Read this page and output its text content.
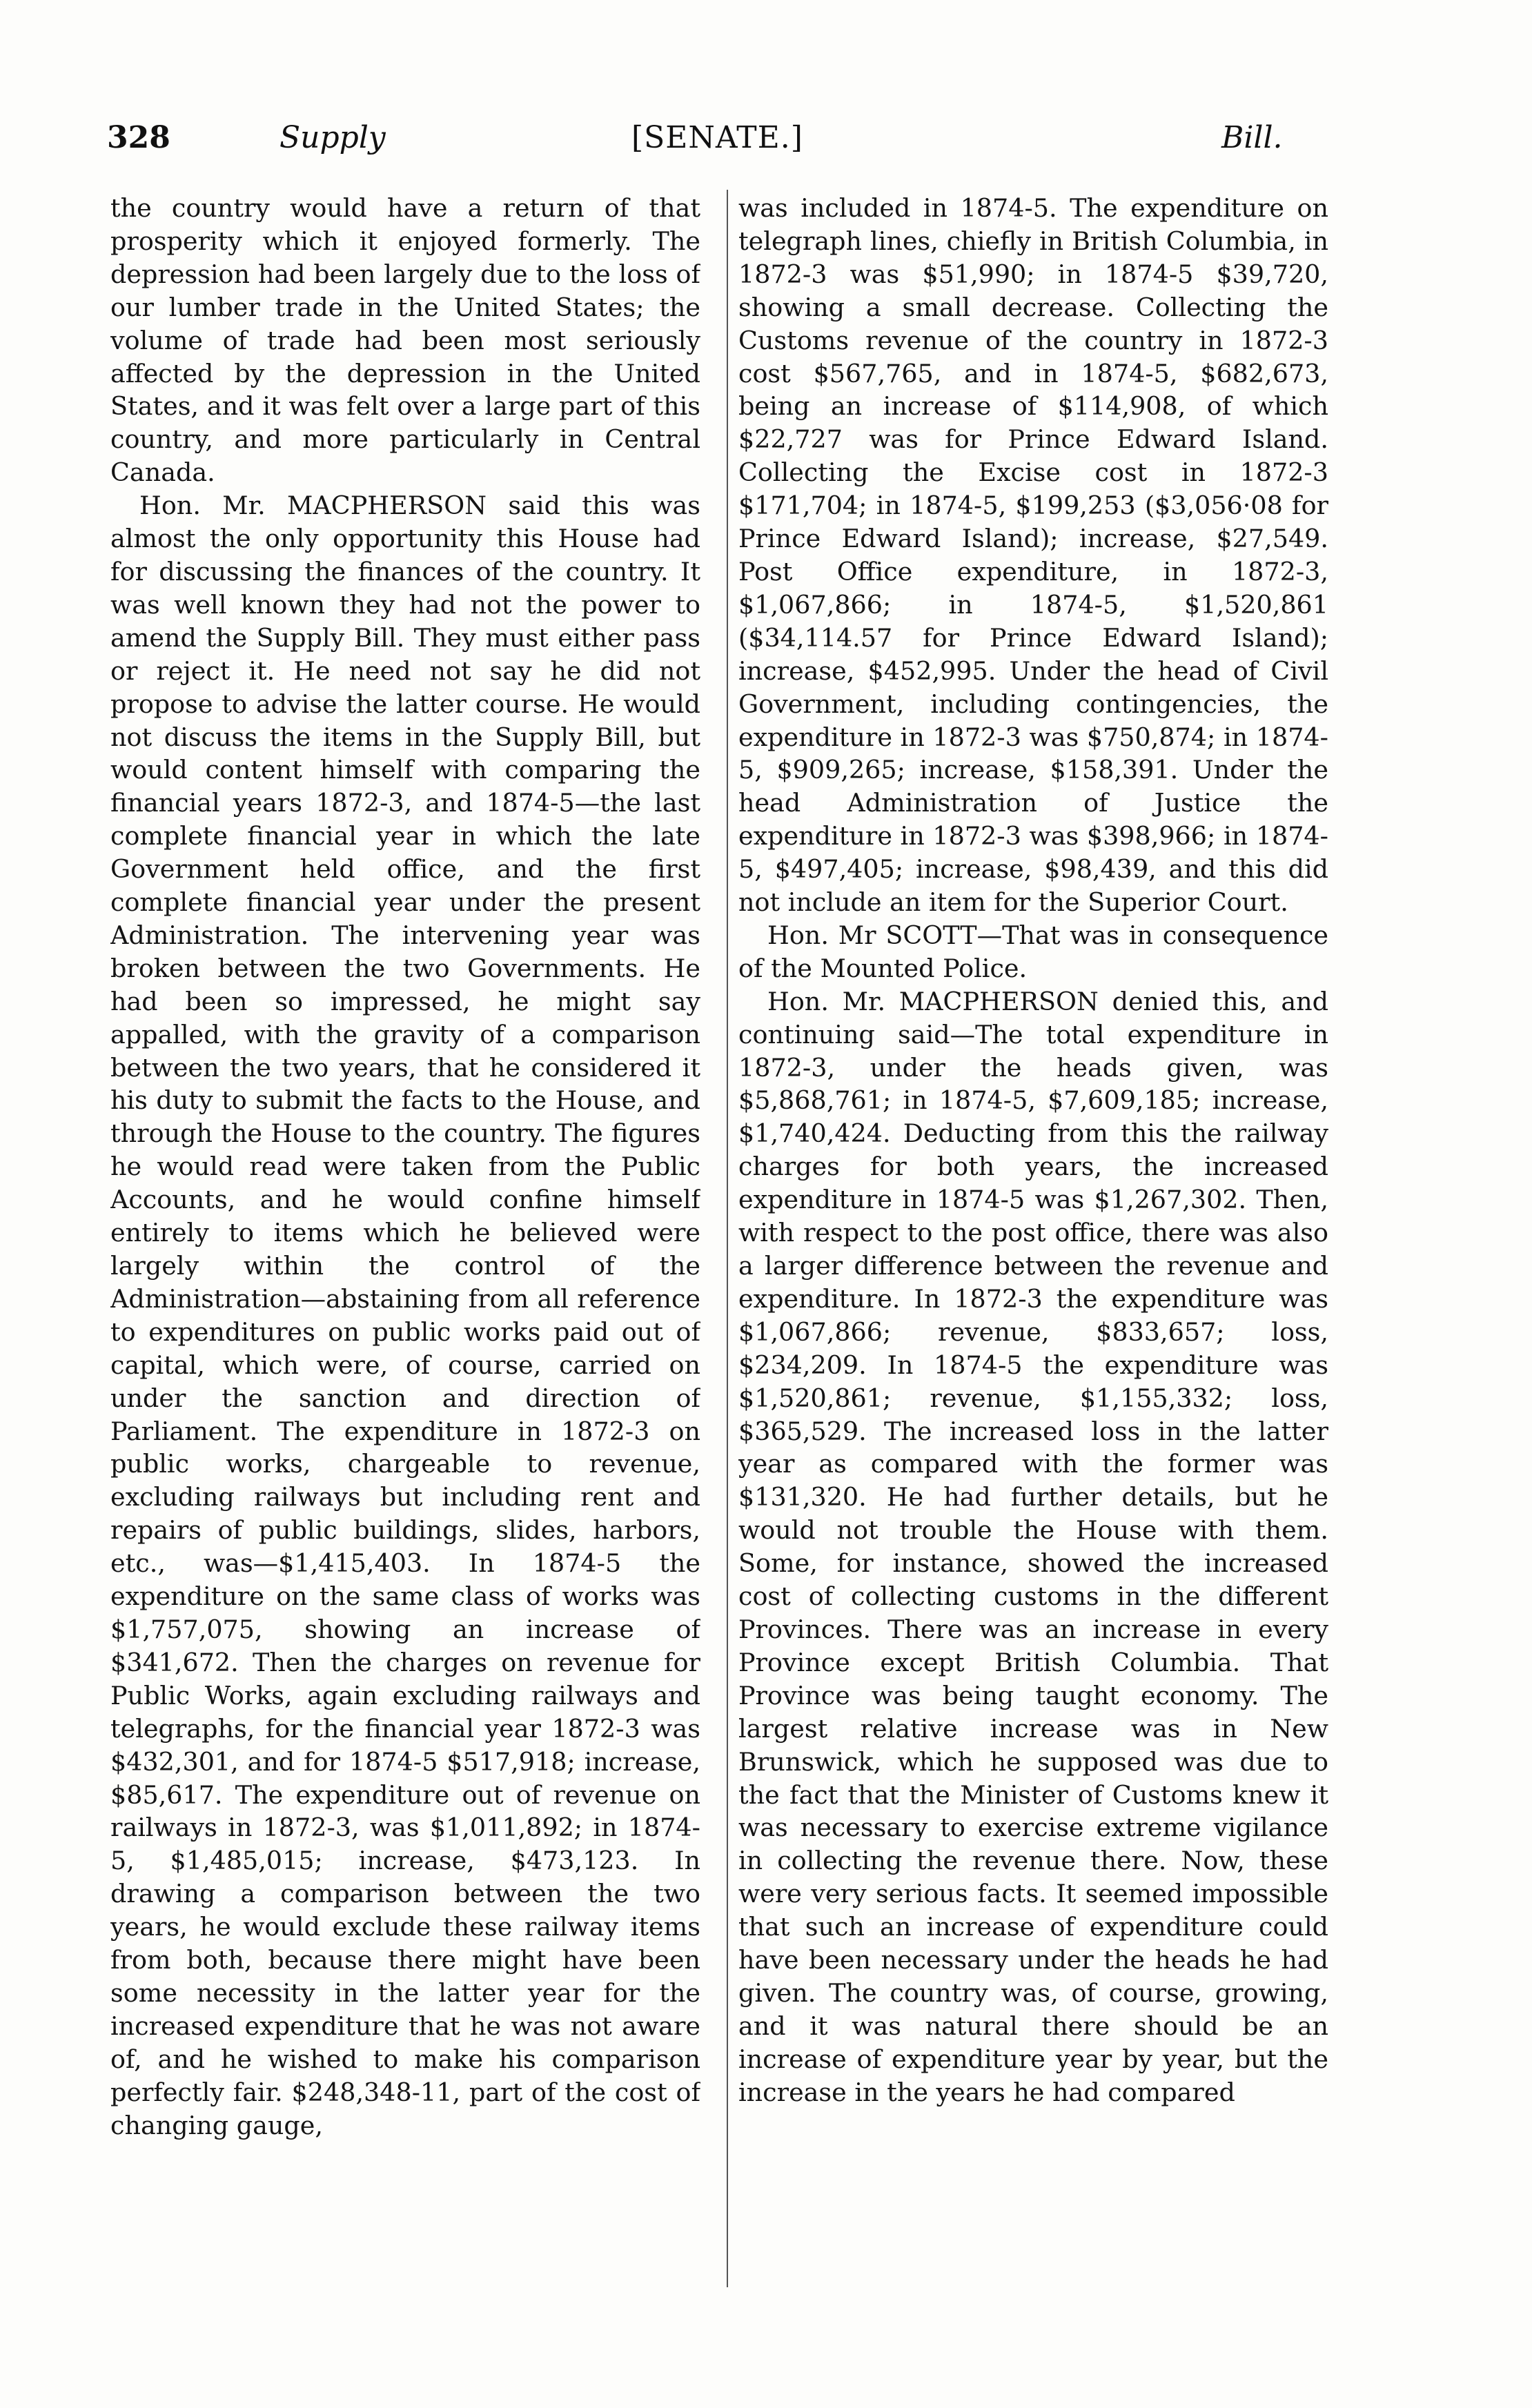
328	Supply	[SENATE.]	Bill.

the country would have a return of that prosperity which it enjoyed formerly. The depression had been largely due to the loss of our lumber trade in the United States; the volume of trade had been most seriously affected by the depression in the United States, and it was felt over a large part of this country, and more particularly in Central Canada.

Hon. Mr. MACPHERSON said this was almost the only opportunity this House had for discussing the finances of the country. It was well known they had not the power to amend the Supply Bill. They must either pass or reject it. He need not say he did not propose to advise the latter course. He would not discuss the items in the Supply Bill, but would content himself with comparing the financial years 1872-3, and 1874-5—the last complete financial year in which the late Government held office, and the first complete financial year under the present Administration. The intervening year was broken between the two Governments. He had been so impressed, he might say appalled, with the gravity of a comparison between the two years, that he considered it his duty to submit the facts to the House, and through the House to the country. The figures he would read were taken from the Public Accounts, and he would confine himself entirely to items which he believed were largely within the control of the Administration—abstaining from all reference to expenditures on public works paid out of capital, which were, of course, carried on under the sanction and direction of Parliament. The expenditure in 1872-3 on public works, chargeable to revenue, excluding railways but including rent and repairs of public buildings, slides, harbors, etc., was—$1,415,403. In 1874-5 the expenditure on the same class of works was $1,757,075, showing an increase of $341,672. Then the charges on revenue for Public Works, again excluding railways and telegraphs, for the financial year 1872-3 was $432,301, and for 1874-5 $517,918; increase, $85,617. The expenditure out of revenue on railways in 1872-3, was $1,011,892; in 1874-5, $1,485,015; increase, $473,123. In drawing a comparison between the two years, he would exclude these railway items from both, because there might have been some necessity in the latter year for the increased expenditure that he was not aware of, and he wished to make his comparison perfectly fair. $248,348-11, part of the cost of changing gauge,

was included in 1874-5. The expenditure on telegraph lines, chiefly in British Columbia, in 1872-3 was $51,990; in 1874-5 $39,720, showing a small decrease. Collecting the Customs revenue of the country in 1872-3 cost $567,765, and in 1874-5, $682,673, being an increase of $114,908, of which $22,727 was for Prince Edward Island. Collecting the Excise cost in 1872-3 $171,704; in 1874-5, $199,253 ($3,056·08 for Prince Edward Island); increase, $27,549. Post Office expenditure, in 1872-3, $1,067,866; in 1874-5, $1,520,861 ($34,114.57 for Prince Edward Island); increase, $452,995. Under the head of Civil Government, including contingencies, the expenditure in 1872-3 was $750,874; in 1874-5, $909,265; increase, $158,391. Under the head Administration of Justice the expenditure in 1872-3 was $398,966; in 1874-5, $497,405; increase, $98,439, and this did not include an item for the Superior Court.

Hon. Mr SCOTT—That was in consequence of the Mounted Police.

Hon. Mr. MACPHERSON denied this, and continuing said—The total expenditure in 1872-3, under the heads given, was $5,868,761; in 1874-5, $7,609,185; increase, $1,740,424. Deducting from this the railway charges for both years, the increased expenditure in 1874-5 was $1,267,302. Then, with respect to the post office, there was also a larger difference between the revenue and expenditure. In 1872-3 the expenditure was $1,067,866; revenue, $833,657; loss, $234,209. In 1874-5 the expenditure was $1,520,861; revenue, $1,155,332; loss, $365,529. The increased loss in the latter year as compared with the former was $131,320. He had further details, but he would not trouble the House with them. Some, for instance, showed the increased cost of collecting customs in the different Provinces. There was an increase in every Province except British Columbia. That Province was being taught economy. The largest relative increase was in New Brunswick, which he supposed was due to the fact that the Minister of Customs knew it was necessary to exercise extreme vigilance in collecting the revenue there. Now, these were very serious facts. It seemed impossible that such an increase of expenditure could have been necessary under the heads he had given. The country was, of course, growing, and it was natural there should be an increase of expenditure year by year, but the increase in the years he had compared
